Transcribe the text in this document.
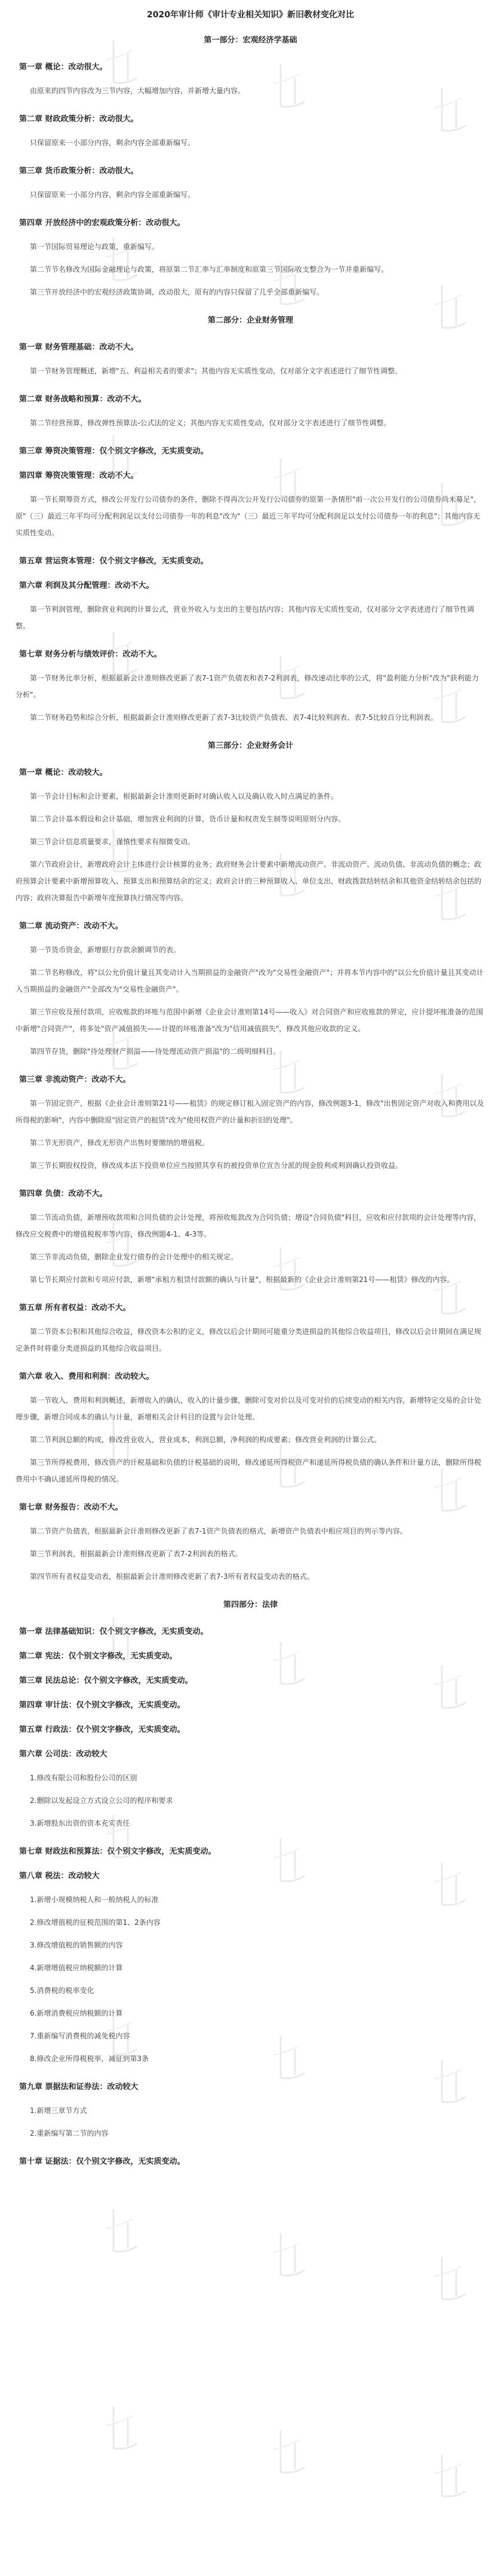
2020年审计师《审计专业相关知识》新旧教材变化对比
第一部分：宏观经济学基础
第一章 概论：改动很大。
由原来的四节内容改为三节内容，大幅增加内容，并新增大量内容。
第二章 财政政策分析：改动很大。
只保留原来一小部分内容，剩余内容全部重新编写。
第三章 货币政策分析：改动很大。
只保留原来一小部分内容，剩余内容全部重新编写。
第四章 开放经济中的宏观政策分析：改动很大。
第一节国际贸易理论与政策，重新编写。
第二节节名修改为国际金融理论与政策，将原第二节汇率与汇率制度和原第三节国际收支整合为一节并重新编写。
第三节开放经济中的宏观经济政策协调，改动很大，原有的内容只保留了几乎全部重新编写。
第二部分：企业财务管理
第一章 财务管理基础：改动不大。
第一节财务管理概述，新增"五、利益相关者的要求"；其他内容无实质性变动，仅对部分文字表述进行了细节性调整。
第二章 财务战略和预算：改动不大。
第二节经营预算，修改弹性预算法-公式法的定义；其他内容无实质性变动，仅对部分文字表述进行了细节性调整。
第三章 筹资决策管理：仅个别文字修改，无实质变动。
第四章 筹资决策管理：改动不大。
第一节长期筹资方式，修改公开发行公司债券的条件，删除不得再次公开发行公司债券的原第一条情形"前一次公开发行的公司债券尚未募足"，原"（三）最近三年平均可分配利润足以支付公司债券一年的利息"改为"（三）最近三年平均可分配利润足以支付公司债券一年的利息"；其他内容无实质性变动。
第五章 营运资本管理：仅个别文字修改，无实质变动。
第六章 利润及其分配管理：改动不大。
第一节利润管理，删除营业利润的计算公式，营业外收入与支出的主要包括内容；其他内容无实质性变动，仅对部分文字表述进行了细节性调整。
第七章 财务分析与绩效评价：改动不大。
第一节财务比率分析，根据最新会计准则修改更新了表7-1资产负债表和表7-2利润表，修改速动比率的公式，将"盈利能力分析"改为"获利能力分析"。
第二节财务趋势和综合分析，根据最新会计准则修改更新了表7-3比较资产负债表、表7-4比较利润表、表7-5比较百分比利润表。
第三部分：企业财务会计
第一章 概论：改动较大。
第一节会计目标和会计要素，根据最新会计准则更新时对确认收入以及确认收入时点满足的条件。
第二节会计基本假设和会计基础，增加营业利润的计算，货币计量和权责发生制等说明原则分内容。
第三节会计信息质量要求，谨慎性要求有细微变动。
第六节政府会计，新增政府会计主体进行会计核算的业务；政府财务会计要素中新增流动资产、非流动资产、流动负债、非流动负债的概念；政府预算会计要素中新增预算收入、预算支出和预算结余的定义；政府会计的三种预算收入、单位支出，财政拨款结转结余和其他资金结转结余包括的内容；政府决算报告中新增年度预算执行情况等内容。
第二章 流动资产：改动不大。
第一节货币资金，新增银行存款余额调节的表。
第二节名称修改，将"以公允价值计量且其变动计入当期损益的金融资产"改为"交易性金融资产"；并将本节内容中的"以公允价值计量且其变动计入当期损益的金融资产"全部改为"交易性金融资产"。
第三节应收及预付款项，应收账款的坏账与范围中新增《企业会计准则第14号——收入》对合同资产和应收账款的界定，应计提坏账准备的范围中新增"合同资产"，将多处"资产减值损失——计提的坏账准备"改为"信用减值损失"，修改其他应收款的定义。
第四节存货，删除"待处理财产损溢——待处理流动资产损溢"的二级明细科目。
第三章 非流动资产：改动不大。
第一节固定资产，根据《企业会计准则第21号——租赁》的规定修订租入固定资产的内容，修改例题3-1，修改"出售固定资产对收入和费用以及所得税的影响"，内容中删除原"固定资产的租赁"改为"使用权资产的计量和折旧的处理"。
第二节无形资产，修改无形资产出售时要缴纳的增值税。
第三节长期股权投资，修改成本法下投资单位应当按照其享有的被投资单位宣告分派的现金股利或利润确认投资收益。
第四章 负债：改动不大。
第二节流动负债，新增预收款项和合同负债的会计处理，将预收账款改为合同负债；增设"合同负债"科目，应收和应付款项的会计处理等内容，修改应交税费中的增值税税率等内容，修改例题4-1、4-3等。
第三节非流动负债，删除企业发行债券的会计处理中的相关规定。
第七节长期应付款和专项应付款，新增"承租方租赁付款额的确认与计量"，根据最新的《企业会计准则第21号——租赁》修改的内容。
第五章 所有者权益：改动不大。
第二节资本公积和其他综合收益，修改资本公积的定义，修改以后会计期间可能重分类进损益的其他综合收益项目，修改以后会计期间在满足规定条件时将重分类进损益的其他综合收益项目。
第六章 收入、费用和利润：改动较大。
第一节收入，费用和利润概述，新增收入的确认，收入的计量步骤，删除可变对价以及可变对价的后续变动的相关内容，新增特定交易的会计处理步骤，新增合同成本的确认与计量，新增相关会计科目的设置与会计处理。
第二节利润总额的构成，修改营业收入，营业成本，利润总额，净利润的构成要素；修改营业利润的计算公式。
第三节所得税费用，修改资产的计税基础和负债的计税基础的说明，修改递延所得税资产和递延所得税负债的确认条件和计量方法，删除所得税费用中不确认递延所得税的情况。
第七章 财务报告：改动不大。
第二节资产负债表，根据最新会计准则修改更新了表7-1资产负债表的格式，新增资产负债表中相应项目的列示等内容。
第三节利润表，根据最新会计准则修改更新了表7-2利润表的格式。
第四节所有者权益变动表，根据最新会计准则修改更新了表7-3所有者权益变动表的格式。
第四部分：法律
第一章 法律基础知识：仅个别文字修改，无实质变动。
第二章 宪法：仅个别文字修改，无实质变动。
第三章 民法总论：仅个别文字修改，无实质变动。
第四章 审计法：仅个别文字修改，无实质变动。
第五章 行政法：仅个别文字修改，无实质变动。
第六章 公司法：改动较大
1.修改有限公司和股份公司的区别
2.删除以发起设立方式设立公司的程序和要求
3.新增股东出资的资本充实责任
第七章 财政法和预算法：仅个别文字修改，无实质变动。
第八章 税法：改动较大
1.新增小规模纳税人和一般纳税人的标准
2.修改增值税的征税范围的第1、2条内容
3.修改增值税的销售额的内容
4.新增增值税应纳税额的计算
5.消费税的税率变化
6.新增消费税应纳税额的计算
7.重新编写消费税的减免税内容
8.修改企业所得税税率，减征到第3条
第九章 票据法和证券法：改动较大
1.新增三章节方式
2.重新编写第二节的内容
第十章 证据法：仅个别文字修改，无实质变动。
